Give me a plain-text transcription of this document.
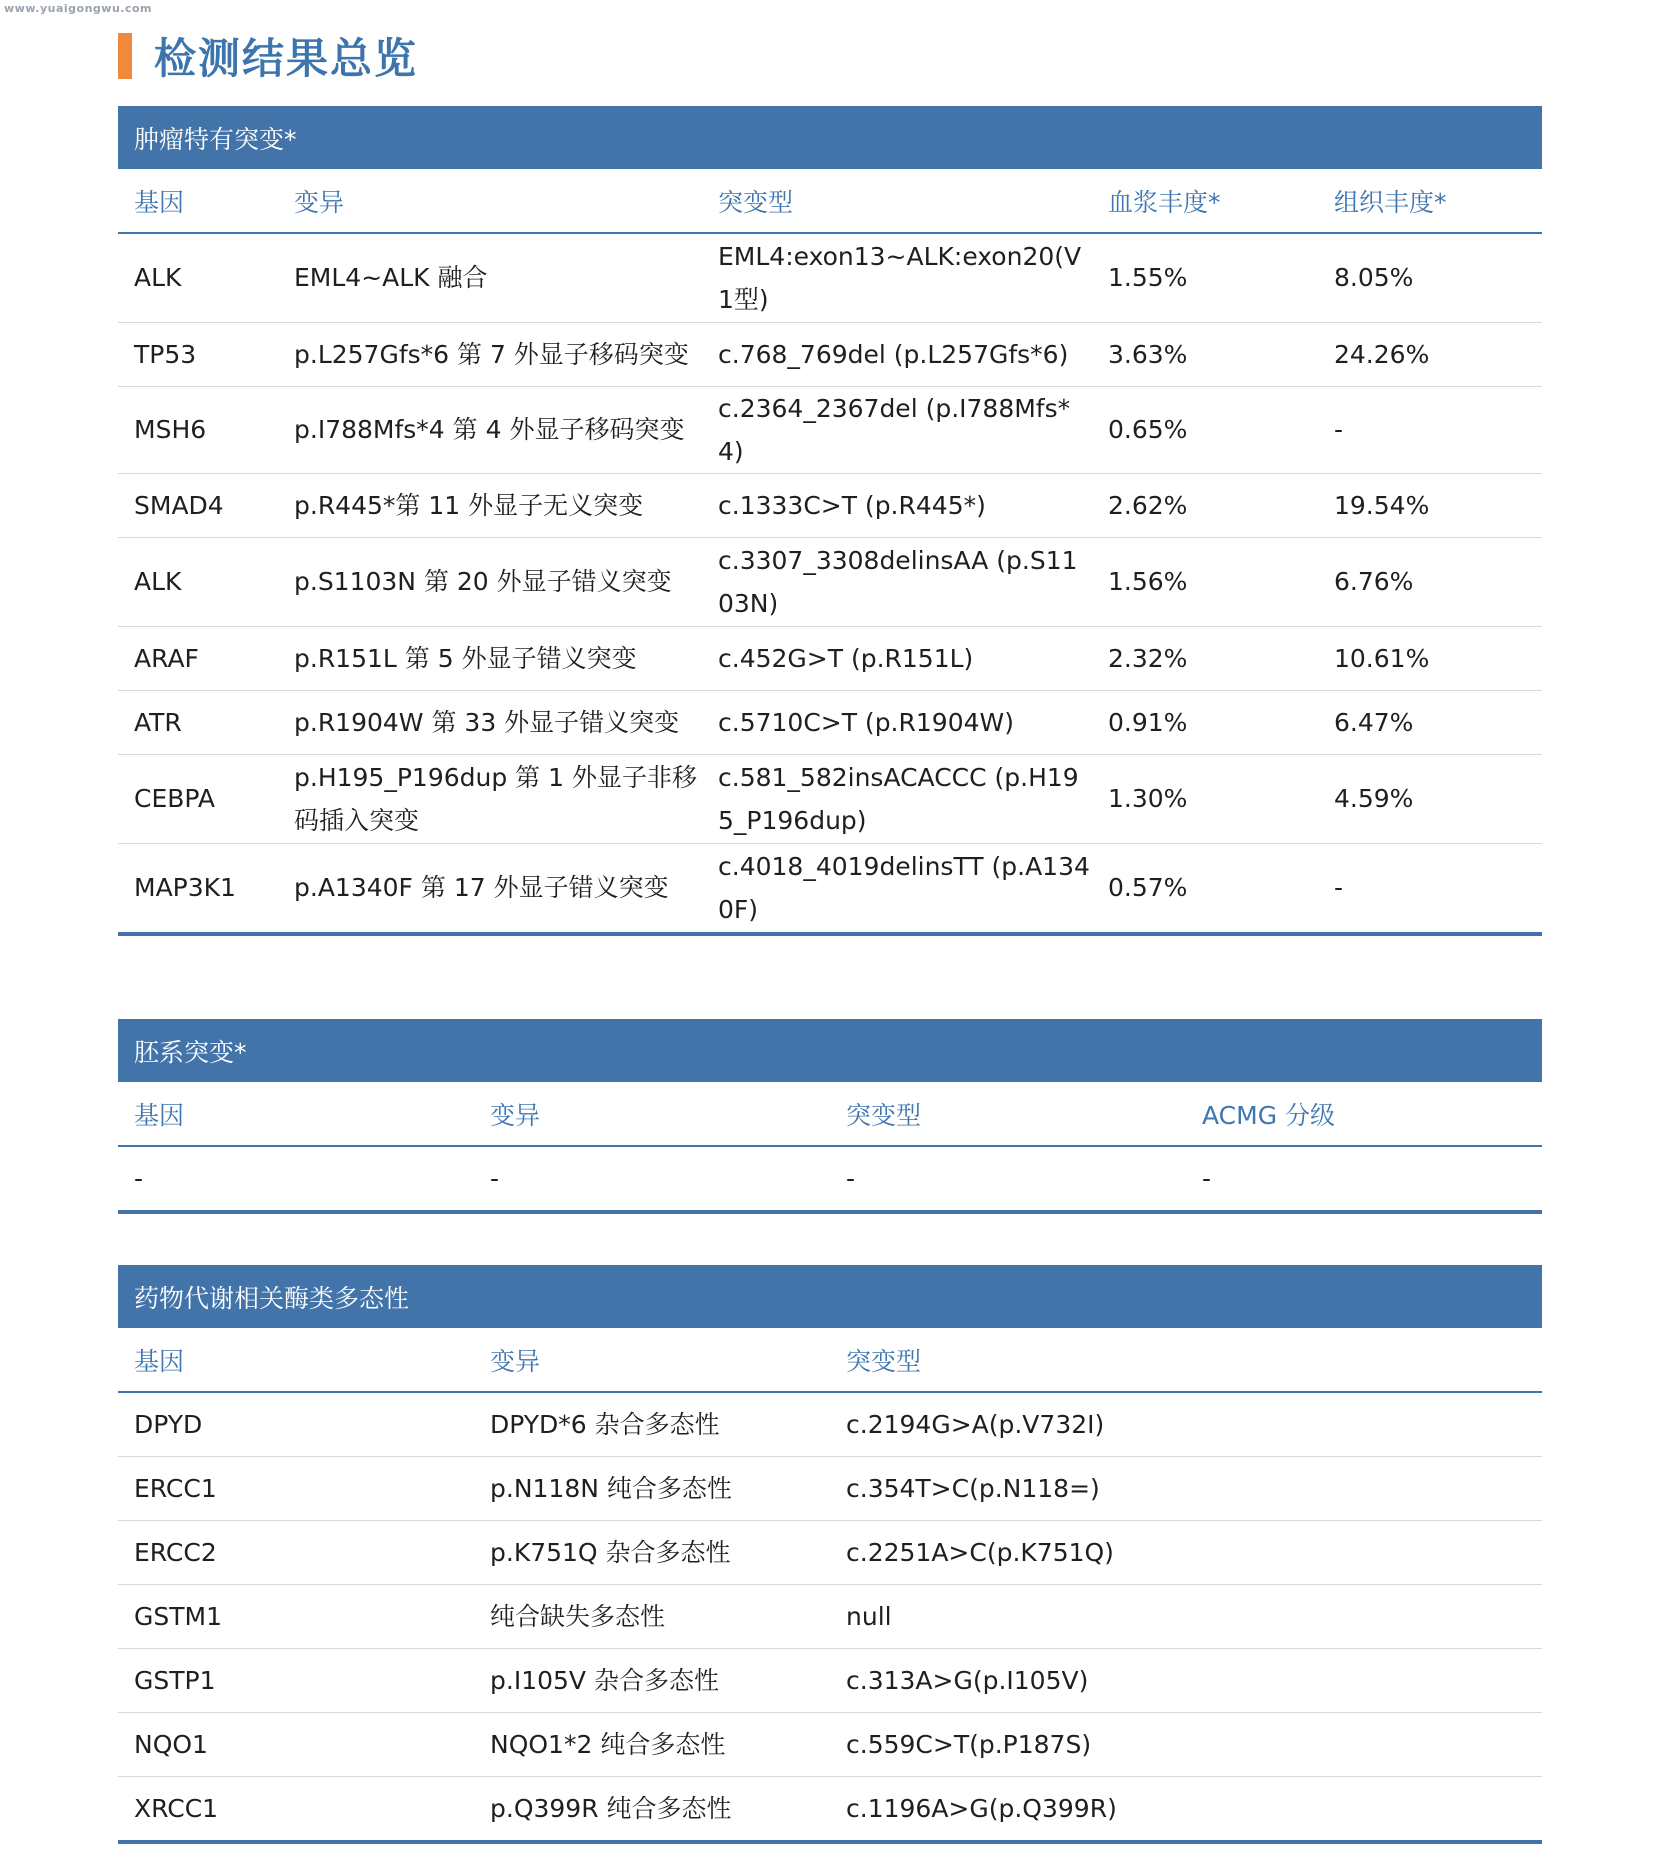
www.yuaigongwu.com
检测结果总览
肿瘤特有突变*
基因	变异	突变型	血浆丰度*	组织丰度*
ALK	EML4~ALK 融合	EML4:exon13~ALK:exon20(V1型)	1.55%	8.05%
TP53	p.L257Gfs*6 第 7 外显子移码突变	c.768_769del (p.L257Gfs*6)	3.63%	24.26%
MSH6	p.I788Mfs*4 第 4 外显子移码突变	c.2364_2367del (p.I788Mfs*4)	0.65%	-
SMAD4	p.R445*第 11 外显子无义突变	c.1333C>T (p.R445*)	2.62%	19.54%
ALK	p.S1103N 第 20 外显子错义突变	c.3307_3308delinsAA (p.S1103N)	1.56%	6.76%
ARAF	p.R151L 第 5 外显子错义突变	c.452G>T (p.R151L)	2.32%	10.61%
ATR	p.R1904W 第 33 外显子错义突变	c.5710C>T (p.R1904W)	0.91%	6.47%
CEBPA	p.H195_P196dup 第 1 外显子非移码插入突变	c.581_582insACACCC (p.H195_P196dup)	1.30%	4.59%
MAP3K1	p.A1340F 第 17 外显子错义突变	c.4018_4019delinsTT (p.A1340F)	0.57%	-
胚系突变*
基因	变异	突变型	ACMG 分级
-	-	-	-
药物代谢相关酶类多态性
基因	变异	突变型
DPYD	DPYD*6 杂合多态性	c.2194G>A(p.V732I)
ERCC1	p.N118N 纯合多态性	c.354T>C(p.N118=)
ERCC2	p.K751Q 杂合多态性	c.2251A>C(p.K751Q)
GSTM1	纯合缺失多态性	null
GSTP1	p.I105V 杂合多态性	c.313A>G(p.I105V)
NQO1	NQO1*2 纯合多态性	c.559C>T(p.P187S)
XRCC1	p.Q399R 纯合多态性	c.1196A>G(p.Q399R)
